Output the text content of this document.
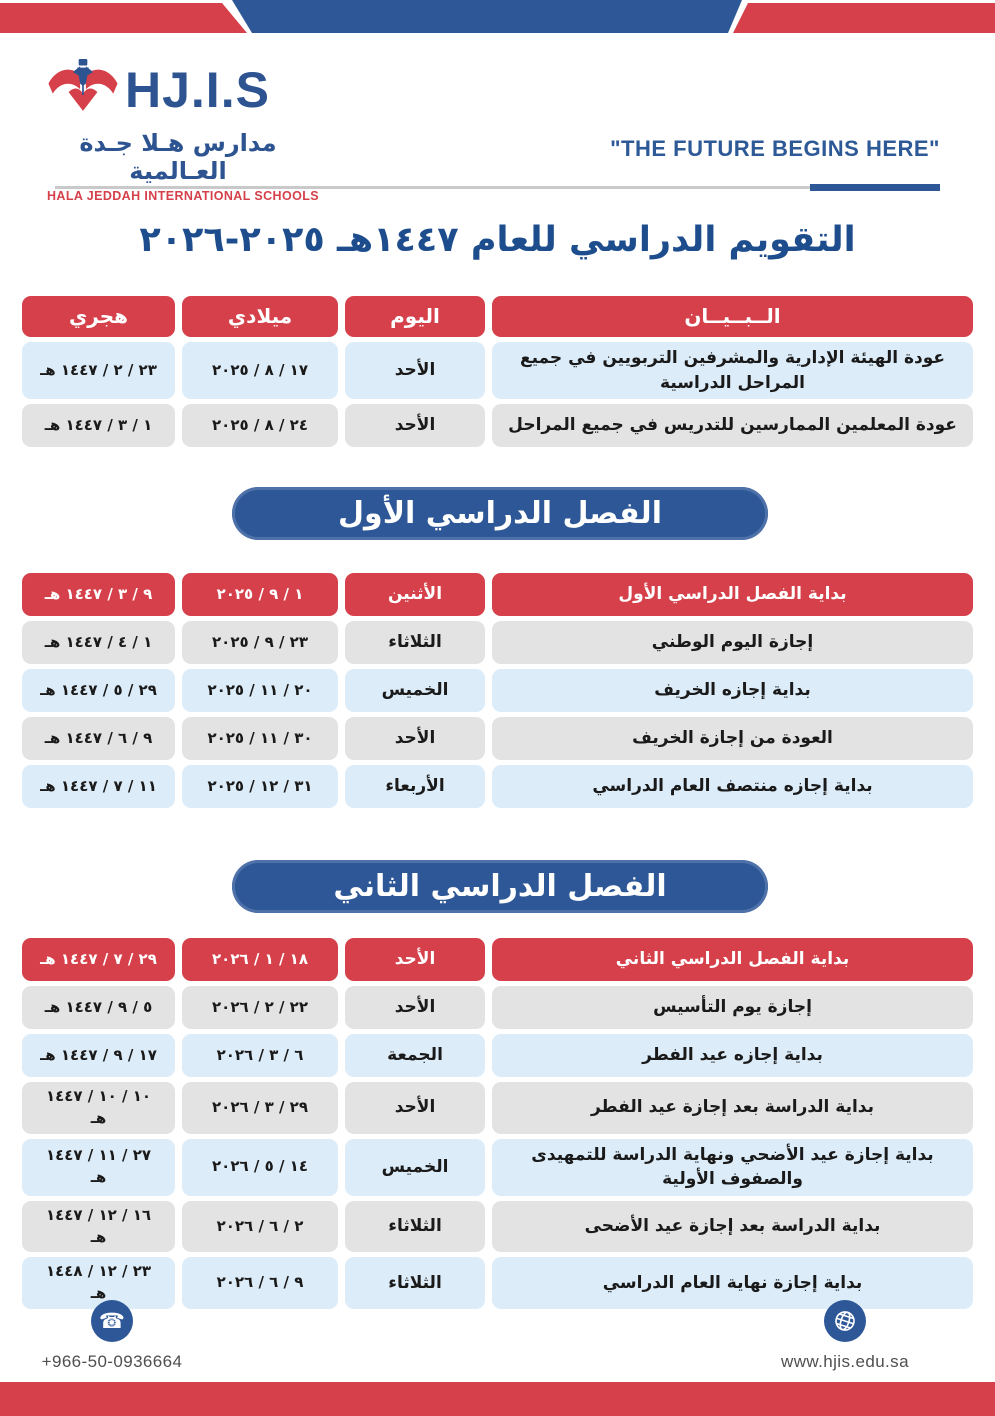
HJ.I.S
مدارس هـلا جـدة العـالمية
HALA JEDDAH INTERNATIONAL SCHOOLS
"THE FUTURE BEGINS HERE"
التقويم الدراسي للعام ١٤٤٧هـ ٢٠٢٥-٢٠٢٦
الــبــيــان
اليوم
ميلادي
هجري
عودة الهيئة الإدارية والمشرفين التربويين في جميع المراحل الدراسية
الأحد
١٧ / ٨ / ٢٠٢٥
٢٣ / ٢ / ١٤٤٧ هـ
عودة المعلمين الممارسين للتدريس في جميع المراحل
الأحد
٢٤ / ٨ / ٢٠٢٥
١ / ٣ / ١٤٤٧ هـ
الفصل الدراسي الأول
بداية الفصل الدراسي الأول
الأثنين
١ / ٩ / ٢٠٢٥
٩ / ٣ / ١٤٤٧ هـ
إجازة اليوم الوطني
الثلاثاء
٢٣ / ٩ / ٢٠٢٥
١ / ٤ / ١٤٤٧ هـ
بداية إجازه الخريف
الخميس
٢٠ / ١١ / ٢٠٢٥
٢٩ / ٥ / ١٤٤٧ هـ
العودة من إجازة الخريف
الأحد
٣٠ / ١١ / ٢٠٢٥
٩ / ٦ / ١٤٤٧ هـ
بداية إجازه منتصف العام الدراسي
الأربعاء
٣١ / ١٢ / ٢٠٢٥
١١ / ٧ / ١٤٤٧ هـ
الفصل الدراسي الثاني
بداية الفصل الدراسي الثاني
الأحد
١٨ / ١ / ٢٠٢٦
٢٩ / ٧ / ١٤٤٧ هـ
إجازة يوم التأسيس
الأحد
٢٢ / ٢ / ٢٠٢٦
٥ / ٩ / ١٤٤٧ هـ
بداية إجازه عيد الفطر
الجمعة
٦ / ٣ / ٢٠٢٦
١٧ / ٩ / ١٤٤٧ هـ
بداية الدراسة بعد إجازة عيد الفطر
الأحد
٢٩ / ٣ / ٢٠٢٦
١٠ / ١٠ / ١٤٤٧ هـ
بداية إجازة عيد الأضحي ونهاية الدراسة للتمهيدى والصفوف الأولية
الخميس
١٤ / ٥ / ٢٠٢٦
٢٧ / ١١ / ١٤٤٧ هـ
بداية الدراسة بعد إجازة عيد الأضحى
الثلاثاء
٢ / ٦ / ٢٠٢٦
١٦ / ١٢ / ١٤٤٧ هـ
بداية إجازة نهاية العام الدراسي
الثلاثاء
٩ / ٦ / ٢٠٢٦
٢٣ / ١٢ / ١٤٤٨ هـ
☎
+966-50-0936664	www.hjis.edu.sa
